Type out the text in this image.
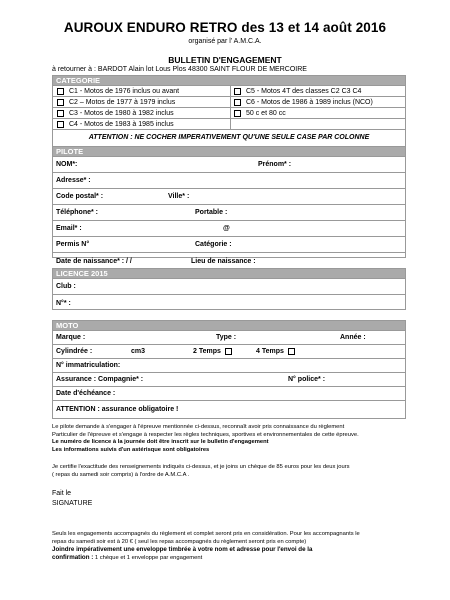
AUROUX ENDURO RETRO des 13 et 14 août 2016
organisé par l’ A.M.C.A.
BULLETIN D'ENGAGEMENT
à retourner à : BARDOT Alain lot Lous Plos 48300 SAINT FLOUR DE MERCOIRE
CATEGORIE
C1 - Motos de 1976 inclus ou avant	C5 - Motos 4T des classes C2 C3 C4
C2 – Motos de 1977 à 1979 inclus	C6 - Motos de 1986 à 1989 inclus (NCO)
C3 - Motos de 1980 à 1982 inclus	50 c et 80 cc
C4 - Motos de 1983 à 1985 inclus
ATTENTION : NE COCHER IMPERATIVEMENT QU'UNE SEULE CASE PAR COLONNE
PILOTE
NOM*:	Prénom* :
Adresse* :
Code postal* :	Ville* :
Téléphone* :	Portable :
Email* :	@
Permis N°	Catégorie :
Date de naissance* : / /	Lieu de naissance :
LICENCE 2015
Club :
N°* :
MOTO
Marque :	Type :	Année :
Cylindrée :	cm3	2 Temps	4 Temps
N° immatriculation:
Assurance : Compagnie* :	N° police* :
Date d'échéance :
ATTENTION : assurance obligatoire !
Le pilote demande à s'engager à l'épreuve mentionnée ci-dessus, reconnaît avoir pris connaissance du règlement
Particulier de l'épreuve et s'engage à respecter les règles techniques, sportives et environnementales de cette épreuve.
Le numéro de licence à la journée doit être inscrit sur le bulletin d'engagement
Les informations suivis d'un astérisque sont obligatoires
Je certifie l'exactitude des renseignements indiqués ci-dessus, et je joins un chèque de 85 euros pour les deux jours
( repas du samedi soir compris) à l'ordre de A.M.C.A .
Fait le
SIGNATURE
Seuls les engagements accompagnés du règlement et complet seront pris en considération. Pour les accompagnants le
repas du samedi soir est à 20 € ( seul les repas accompagnés du règlement seront pris en compte)
Joindre impérativement une enveloppe timbrée à votre nom et adresse pour l'envoi de la
confirmation : 1 chèque et 1 enveloppe par engagement
